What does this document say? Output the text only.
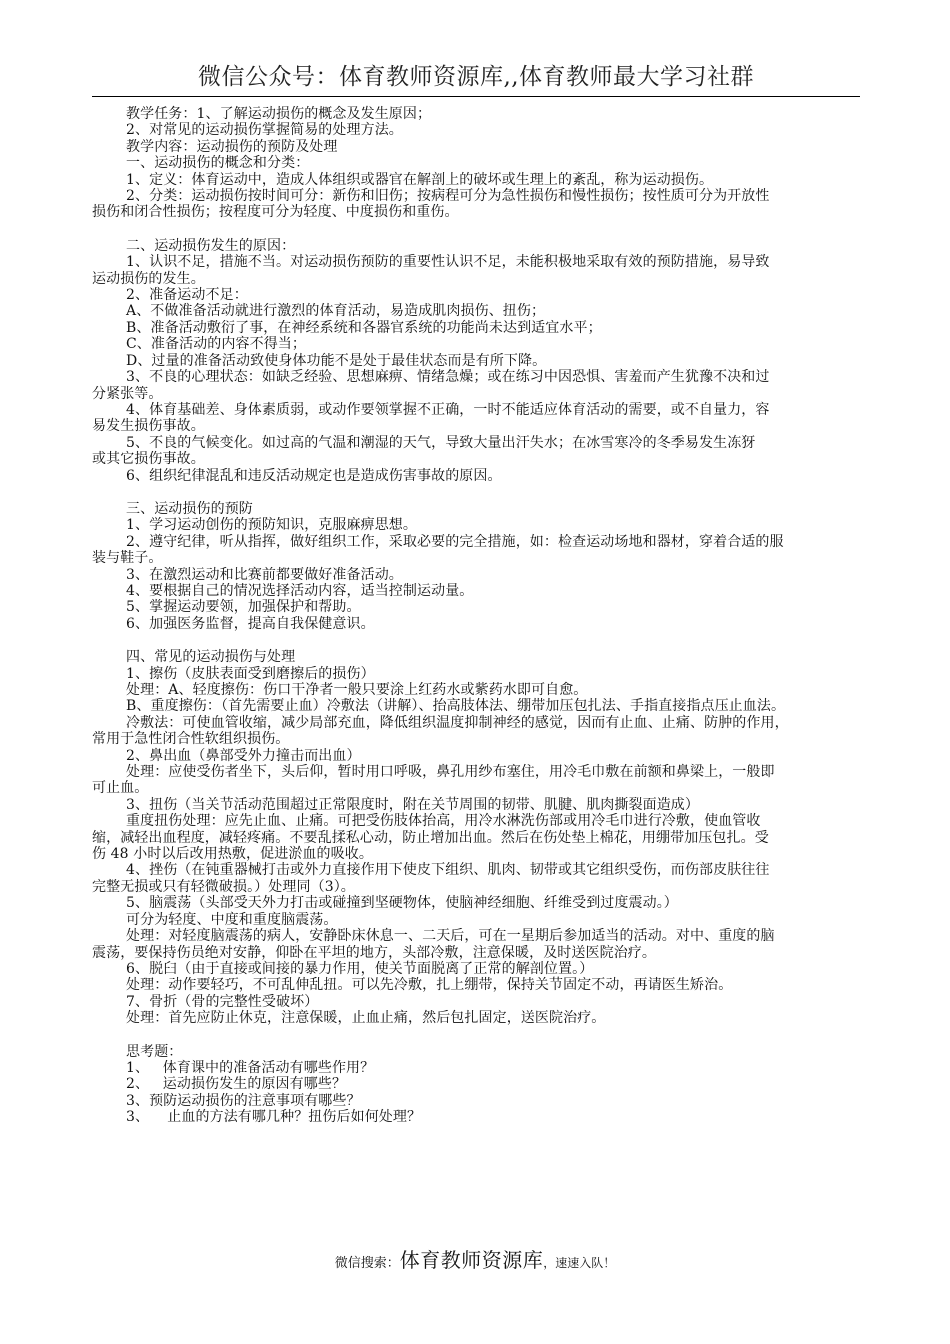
微信公众号：体育教师资源库,,体育教师最大学习社群
教学任务：1、了解运动损伤的概念及发生原因；
2、对常见的运动损伤掌握简易的处理方法。
教学内容：运动损伤的预防及处理
一、运动损伤的概念和分类：
1、定义：体育运动中，造成人体组织或器官在解剖上的破坏或生理上的紊乱，称为运动损伤。
2、分类：运动损伤按时间可分：新伤和旧伤；按病程可分为急性损伤和慢性损伤；按性质可分为开放性
损伤和闭合性损伤；按程度可分为轻度、中度损伤和重伤。
二、运动损伤发生的原因：
1、认识不足，措施不当。对运动损伤预防的重要性认识不足，未能积极地采取有效的预防措施，易导致
运动损伤的发生。
2、准备运动不足：
A、不做准备活动就进行激烈的体育活动，易造成肌肉损伤、扭伤；
B、准备活动敷衍了事，在神经系统和各器官系统的功能尚未达到适宜水平；
C、准备活动的内容不得当；
D、过量的准备活动致使身体功能不是处于最佳状态而是有所下降。
3、不良的心理状态：如缺乏经验、思想麻痹、情绪急燥；或在练习中因恐惧、害羞而产生犹豫不决和过
分紧张等。
4、体育基础差、身体素质弱，或动作要领掌握不正确，一时不能适应体育活动的需要，或不自量力，容
易发生损伤事故。
5、不良的气候变化。如过高的气温和潮湿的天气，导致大量出汗失水；在冰雪寒冷的冬季易发生冻犽
或其它损伤事故。
6、组织纪律混乱和违反活动规定也是造成伤害事故的原因。
三、运动损伤的预防
1、学习运动创伤的预防知识，克服麻痹思想。
2、遵守纪律，听从指挥，做好组织工作，采取必要的完全措施，如：检查运动场地和器材，穿着合适的服
装与鞋子。
3、在激烈运动和比赛前都要做好准备活动。
4、要根据自己的情况选择活动内容，适当控制运动量。
5、掌握运动要领，加强保护和帮助。
6、加强医务监督，提高自我保健意识。
四、常见的运动损伤与处理
1、擦伤（皮肤表面受到磨擦后的损伤）
处理：A、轻度擦伤：伤口干净者一般只要涂上红药水或紫药水即可自愈。
B、重度擦伤：（首先需要止血）冷敷法（讲解）、抬高肢体法、绷带加压包扎法、手指直接指点压止血法。
冷敷法：可使血管收缩，减少局部充血，降低组织温度抑制神经的感觉，因而有止血、止痛、防肿的作用，
常用于急性闭合性软组织损伤。
2、鼻出血（鼻部受外力撞击而出血）
处理：应使受伤者坐下，头后仰，暂时用口呼吸，鼻孔用纱布塞住，用冷毛巾敷在前额和鼻梁上，一般即
可止血。
3、扭伤（当关节活动范围超过正常限度时，附在关节周围的韧带、肌腱、肌肉撕裂面造成）
重度扭伤处理：应先止血、止痛。可把受伤肢体抬高，用冷水淋洗伤部或用冷毛巾进行冷敷，使血管收
缩，减轻出血程度，减轻疼痛。不要乱揉私心动，防止增加出血。然后在伤处垫上棉花，用绷带加压包扎。受
伤 48 小时以后改用热敷，促进淤血的吸收。
4、挫伤（在钝重器械打击或外力直接作用下使皮下组织、肌肉、韧带或其它组织受伤，而伤部皮肤往往
完整无损或只有轻微破损。）处理同（3）。
5、脑震荡（头部受天外力打击或碰撞到坚硬物体，使脑神经细胞、纤维受到过度震动。）
可分为轻度、中度和重度脑震荡。
处理：对轻度脑震荡的病人，安静卧床休息一、二天后，可在一星期后参加适当的活动。对中、重度的脑
震荡，要保持伤员绝对安静，仰卧在平坦的地方，头部冷敷，注意保暖，及时送医院治疗。
6、脱臼（由于直接或间接的暴力作用，使关节面脱离了正常的解剖位置。）
处理：动作要轻巧，不可乱伸乱扭。可以先冷敷，扎上绷带，保持关节固定不动，再请医生矫治。
7、骨折（骨的完整性受破坏）
处理：首先应防止休克，注意保暖，止血止痛，然后包扎固定，送医院治疗。
思考题：
1、   体育课中的准备活动有哪些作用？
2、   运动损伤发生的原因有哪些？
3、预防运动损伤的注意事项有哪些？
3、    止血的方法有哪几种？扭伤后如何处理？
微信搜索：体育教师资源库，速速入队！
